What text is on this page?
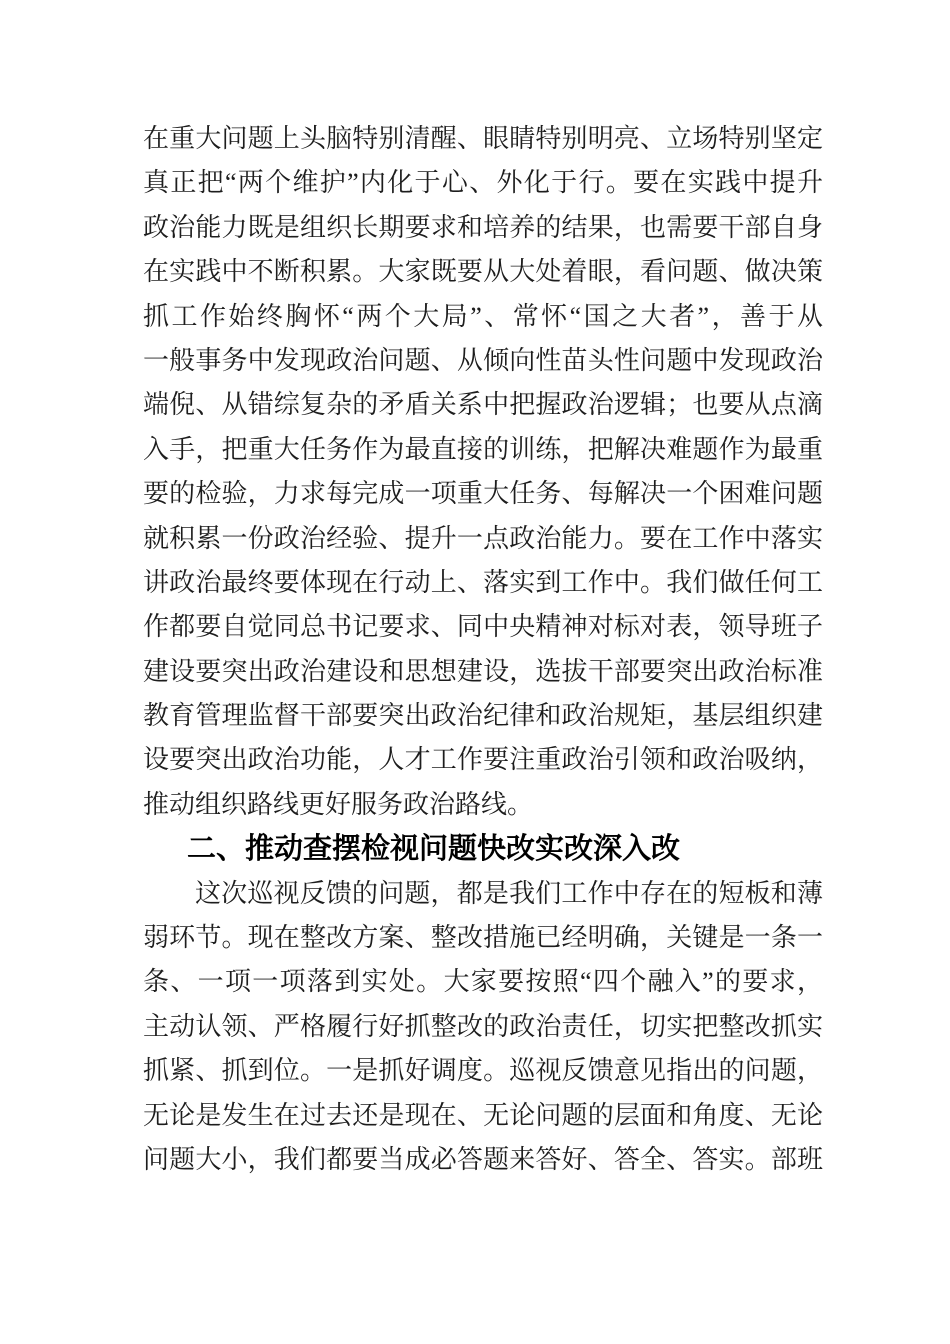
在重大问题上头脑特别清醒、眼睛特别明亮、立场特别坚定

真正把“两个维护”内化于心、外化于行。要在实践中提升

政治能力既是组织长期要求和培养的结果，也需要干部自身

在实践中不断积累。大家既要从大处着眼，看问题、做决策

抓工作始终胸怀“两个大局”、常怀“国之大者”，善于从

一般事务中发现政治问题、从倾向性苗头性问题中发现政治

端倪、从错综复杂的矛盾关系中把握政治逻辑；也要从点滴

入手，把重大任务作为最直接的训练，把解决难题作为最重

要的检验，力求每完成一项重大任务、每解决一个困难问题

就积累一份政治经验、提升一点政治能力。要在工作中落实

讲政治最终要体现在行动上、落实到工作中。我们做任何工

作都要自觉同总书记要求、同中央精神对标对表，领导班子

建设要突出政治建设和思想建设，选拔干部要突出政治标准

教育管理监督干部要突出政治纪律和政治规矩，基层组织建

设要突出政治功能，人才工作要注重政治引领和政治吸纳，

推动组织路线更好服务政治路线。

二、推动查摆检视问题快改实改深入改

这次巡视反馈的问题，都是我们工作中存在的短板和薄

弱环节。现在整改方案、整改措施已经明确，关键是一条一

条、一项一项落到实处。大家要按照“四个融入”的要求，

主动认领、严格履行好抓整改的政治责任，切实把整改抓实

抓紧、抓到位。一是抓好调度。巡视反馈意见指出的问题，

无论是发生在过去还是现在、无论问题的层面和角度、无论

问题大小，我们都要当成必答题来答好、答全、答实。部班
